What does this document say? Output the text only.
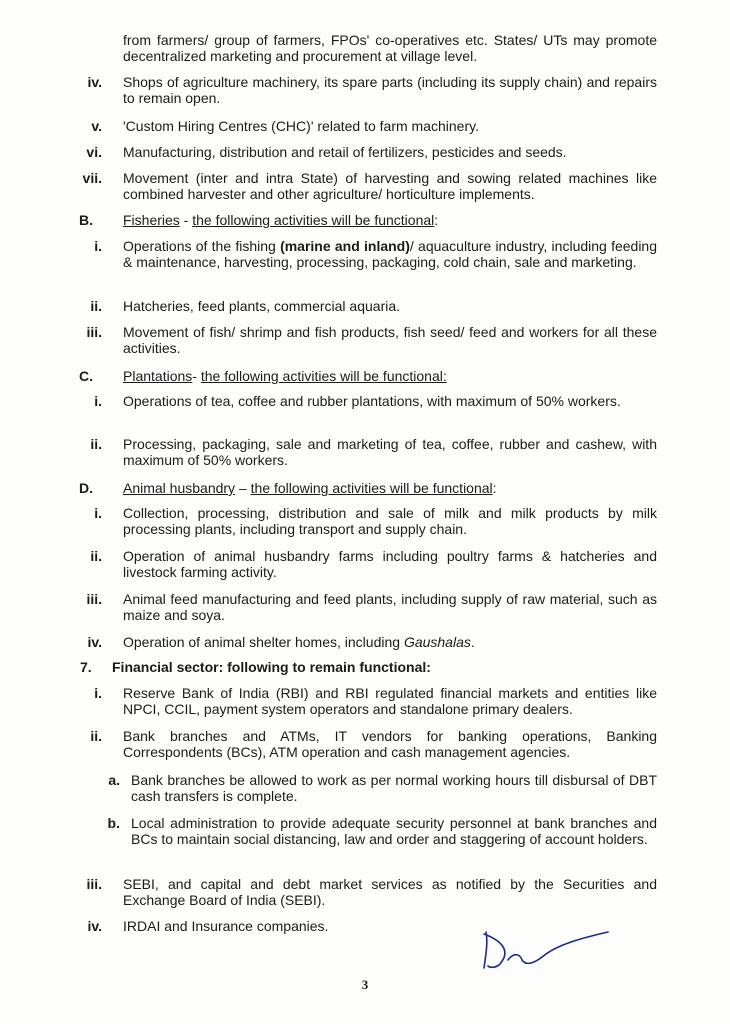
from farmers/ group of farmers, FPOs' co-operatives etc. States/ UTs may promote decentralized marketing and procurement at village level.
iv. Shops of agriculture machinery, its spare parts (including its supply chain) and repairs to remain open.
v. 'Custom Hiring Centres (CHC)' related to farm machinery.
vi. Manufacturing, distribution and retail of fertilizers, pesticides and seeds.
vii. Movement (inter and intra State) of harvesting and sowing related machines like combined harvester and other agriculture/ horticulture implements.
B.	Fisheries - the following activities will be functional:
i. Operations of the fishing (marine and inland)/ aquaculture industry, including feeding & maintenance, harvesting, processing, packaging, cold chain, sale and marketing.
ii. Hatcheries, feed plants, commercial aquaria.
iii. Movement of fish/ shrimp and fish products, fish seed/ feed and workers for all these activities.
C.	Plantations- the following activities will be functional:
i. Operations of tea, coffee and rubber plantations, with maximum of 50% workers.
ii. Processing, packaging, sale and marketing of tea, coffee, rubber and cashew, with maximum of 50% workers.
D.	Animal husbandry – the following activities will be functional:
i. Collection, processing, distribution and sale of milk and milk products by milk processing plants, including transport and supply chain.
ii. Operation of animal husbandry farms including poultry farms & hatcheries and livestock farming activity.
iii. Animal feed manufacturing and feed plants, including supply of raw material, such as maize and soya.
iv. Operation of animal shelter homes, including Gaushalas.
7.	Financial sector: following to remain functional:
i. Reserve Bank of India (RBI) and RBI regulated financial markets and entities like NPCI, CCIL, payment system operators and standalone primary dealers.
ii. Bank branches and ATMs, IT vendors for banking operations, Banking Correspondents (BCs), ATM operation and cash management agencies.
a. Bank branches be allowed to work as per normal working hours till disbursal of DBT cash transfers is complete.
b. Local administration to provide adequate security personnel at bank branches and BCs to maintain social distancing, law and order and staggering of account holders.
iii. SEBI, and capital and debt market services as notified by the Securities and Exchange Board of India (SEBI).
iv. IRDAI and Insurance companies.
3
